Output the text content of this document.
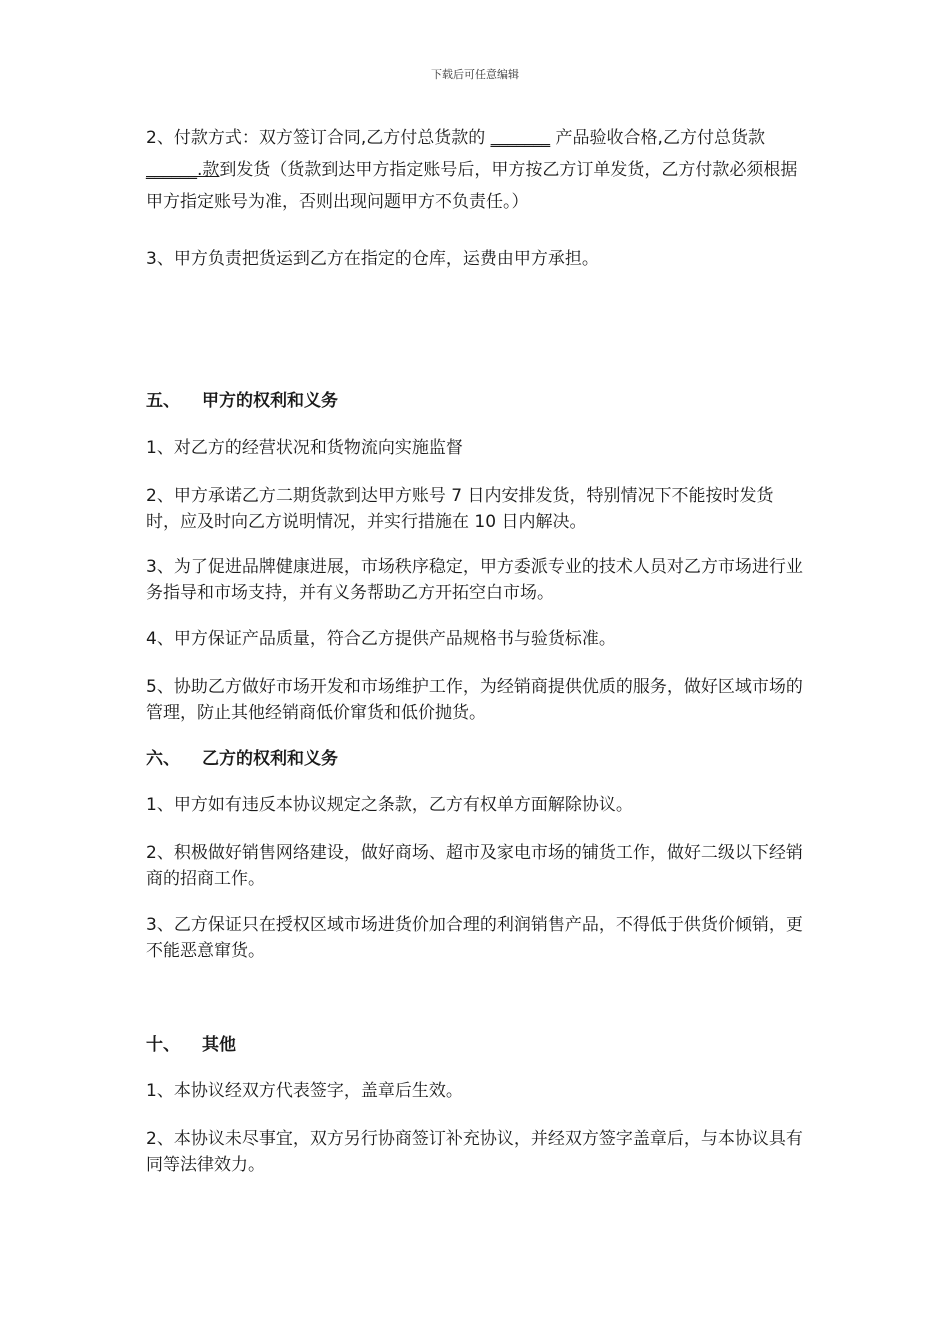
下载后可任意编辑

2、付款方式：双方签订合同,乙方付总货款的 _______ 产品验收合格,乙方付总货款 ______.款到发货（货款到达甲方指定账号后，甲方按乙方订单发货，乙方付款必须根据甲方指定账号为准，否则出现问题甲方不负责任。）

3、甲方负责把货运到乙方在指定的仓库，运费由甲方承担。

五、 甲方的权利和义务

1、对乙方的经营状况和货物流向实施监督

2、甲方承诺乙方二期货款到达甲方账号 7 日内安排发货，特别情况下不能按时发货时，应及时向乙方说明情况，并实行措施在 10 日内解决。

3、为了促进品牌健康进展，市场秩序稳定，甲方委派专业的技术人员对乙方市场进行业务指导和市场支持，并有义务帮助乙方开拓空白市场。

4、甲方保证产品质量，符合乙方提供产品规格书与验货标准。

5、协助乙方做好市场开发和市场维护工作，为经销商提供优质的服务，做好区域市场的管理，防止其他经销商低价窜货和低价抛货。

六、 乙方的权利和义务

1、甲方如有违反本协议规定之条款，乙方有权单方面解除协议。

2、积极做好销售网络建设，做好商场、超市及家电市场的铺货工作，做好二级以下经销商的招商工作。

3、乙方保证只在授权区域市场进货价加合理的利润销售产品，不得低于供货价倾销，更不能恶意窜货。

十、 其他

1、本协议经双方代表签字，盖章后生效。

2、本协议未尽事宜，双方另行协商签订补充协议，并经双方签字盖章后，与本协议具有同等法律效力。
